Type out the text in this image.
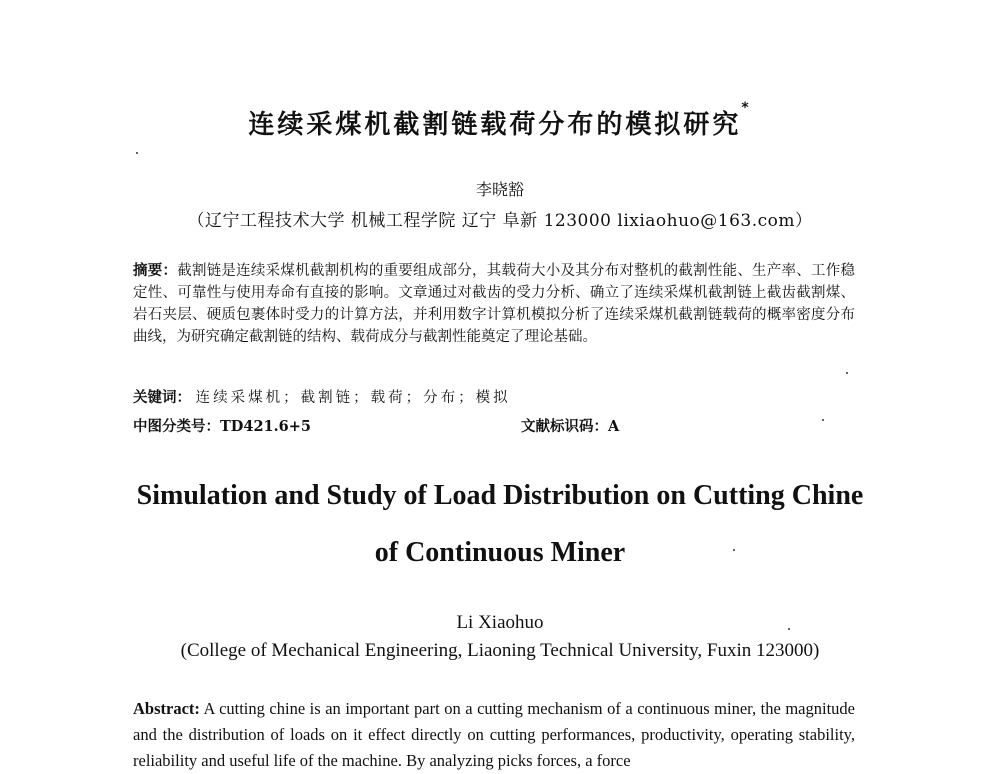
连续采煤机截割链载荷分布的模拟研究*
李晓豁
（辽宁工程技术大学 机械工程学院 辽宁 阜新 123000 lixiaohuo@163.com）
摘要：截割链是连续采煤机截割机构的重要组成部分，其载荷大小及其分布对整机的截割性能、生产率、工作稳定性、可靠性与使用寿命有直接的影响。文章通过对截齿的受力分析、确立了连续采煤机截割链上截齿截割煤、岩石夹层、硬质包裹体时受力的计算方法，并利用数字计算机模拟分析了连续采煤机截割链载荷的概率密度分布曲线，为研究确定截割链的结构、载荷成分与截割性能奠定了理论基础。
关键词： 连续采煤机；截割链；载荷；分布；模拟
中图分类号：TD421.6+5	文献标识码：A
Simulation and Study of Load Distribution on Cutting Chine
of Continuous Miner
Li Xiaohuo
(College of Mechanical Engineering, Liaoning Technical University, Fuxin 123000)
Abstract: A cutting chine is an important part on a cutting mechanism of a continuous miner, the magnitude and the distribution of loads on it effect directly on cutting performances, productivity, operating stability, reliability and useful life of the machine. By analyzing picks forces, a force
